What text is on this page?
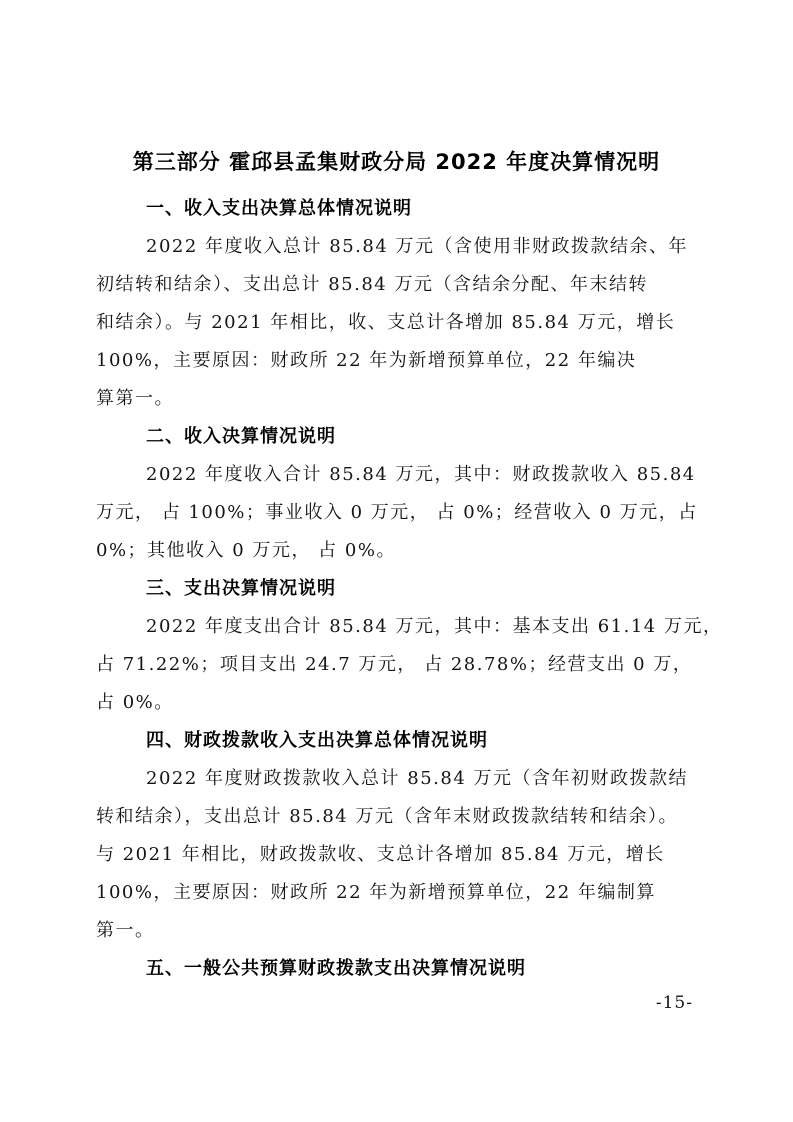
第三部分 霍邱县孟集财政分局 2022 年度决算情况明
一、收入支出决算总体情况说明
2022 年度收入总计 85.84 万元（含使用非财政拨款结余、年
初结转和结余）、支出总计 85.84 万元（含结余分配、年末结转
和结余）。与 2021 年相比，收、支总计各增加 85.84 万元，增长
100%，主要原因：财政所 22 年为新增预算单位，22 年编决
算第一。
二、收入决算情况说明
2022 年度收入合计 85.84 万元，其中：财政拨款收入 85.84
万元， 占 100%；事业收入 0 万元， 占 0%；经营收入 0 万元，占
0%；其他收入 0 万元， 占 0%。
三、支出决算情况说明
2022 年度支出合计 85.84 万元，其中：基本支出 61.14 万元，
占 71.22%；项目支出 24.7 万元， 占 28.78%；经营支出 0 万，
占 0%。
四、财政拨款收入支出决算总体情况说明
2022 年度财政拨款收入总计 85.84 万元（含年初财政拨款结
转和结余），支出总计 85.84 万元（含年末财政拨款结转和结余）。
与 2021 年相比，财政拨款收、支总计各增加 85.84 万元，增长
100%，主要原因：财政所 22 年为新增预算单位，22 年编制算
第一。
五、一般公共预算财政拨款支出决算情况说明
-15-
